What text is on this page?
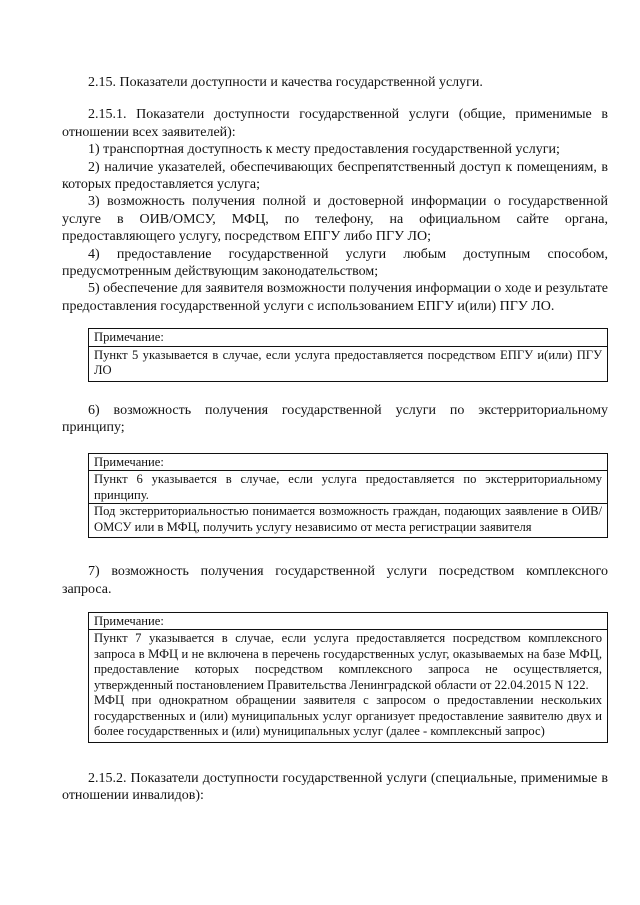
2.15. Показатели доступности и качества государственной услуги.

2.15.1. Показатели доступности государственной услуги (общие, применимые в отношении всех заявителей):

1) транспортная доступность к месту предоставления государственной услуги;

2) наличие указателей, обеспечивающих беспрепятственный доступ к помещениям, в которых предоставляется услуга;

3) возможность получения полной и достоверной информации о государственной услуге в ОИВ/ОМСУ, МФЦ, по телефону, на официальном сайте органа, предоставляющего услугу, посредством ЕПГУ либо ПГУ ЛО;

4) предоставление государственной услуги любым доступным способом, предусмотренным действующим законодательством;

5) обеспечение для заявителя возможности получения информации о ходе и результате предоставления государственной услуги с использованием ЕПГУ и(или) ПГУ ЛО.

Примечание:

Пункт 5 указывается в случае, если услуга предоставляется посредством ЕПГУ и(или) ПГУ ЛО

6) возможность получения государственной услуги по экстерриториальному принципу;

Примечание:

Пункт 6 указывается в случае, если услуга предоставляется по экстерриториальному принципу.

Под экстерриториальностью понимается возможность граждан, подающих заявление в ОИВ/ОМСУ или в МФЦ, получить услугу независимо от места регистрации заявителя

7) возможность получения государственной услуги посредством комплексного запроса.

Примечание:

Пункт 7 указывается в случае, если услуга предоставляется посредством комплексного запроса в МФЦ и не включена в перечень государственных услуг, оказываемых на базе МФЦ, предоставление которых посредством комплексного запроса не осуществляется, утвержденный постановлением Правительства Ленинградской области от 22.04.2015 N 122.

МФЦ при однократном обращении заявителя с запросом о предоставлении нескольких государственных и (или) муниципальных услуг организует предоставление заявителю двух и более государственных и (или) муниципальных услуг (далее - комплексный запрос)

2.15.2. Показатели доступности государственной услуги (специальные, применимые в отношении инвалидов):
